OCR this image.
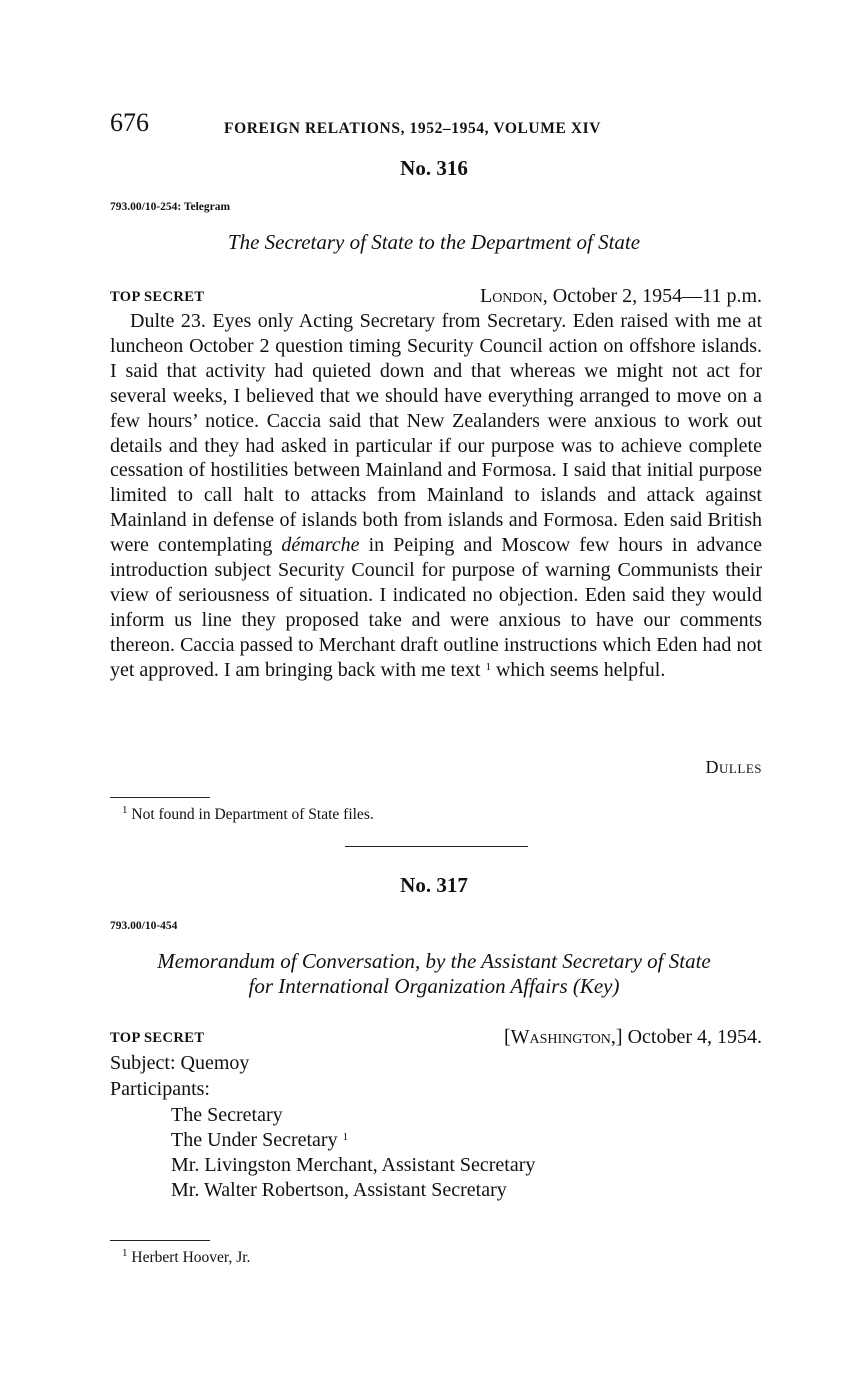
676	FOREIGN RELATIONS, 1952–1954, VOLUME XIV
No. 316
793.00/10-254: Telegram
The Secretary of State to the Department of State
TOP SECRET	London, October 2, 1954—11 p.m.

Dulte 23. Eyes only Acting Secretary from Secretary. Eden raised with me at luncheon October 2 question timing Security Council action on offshore islands. I said that activity had quieted down and that whereas we might not act for several weeks, I believed that we should have everything arranged to move on a few hours’ notice. Caccia said that New Zealanders were anxious to work out details and they had asked in particular if our purpose was to achieve complete cessation of hostilities between Mainland and Formosa. I said that initial purpose limited to call halt to attacks from Mainland to islands and attack against Mainland in defense of islands both from islands and Formosa. Eden said British were contemplating démarche in Peiping and Moscow few hours in advance introduction subject Security Council for purpose of warning Communists their view of seriousness of situation. I indicated no objection. Eden said they would inform us line they proposed take and were anxious to have our comments thereon. Caccia passed to Merchant draft outline instructions which Eden had not yet approved. I am bringing back with me text $^1$ which seems helpful.

Dulles
$^1$ Not found in Department of State files.
No. 317
793.00/10-454
Memorandum of Conversation, by the Assistant Secretary of State
for International Organization Affairs (Key)
TOP SECRET	[Washington,] October 4, 1954.
Subject: Quemoy
Participants:
The Secretary
The Under Secretary $^1$
Mr. Livingston Merchant, Assistant Secretary
Mr. Walter Robertson, Assistant Secretary
$^1$ Herbert Hoover, Jr.
